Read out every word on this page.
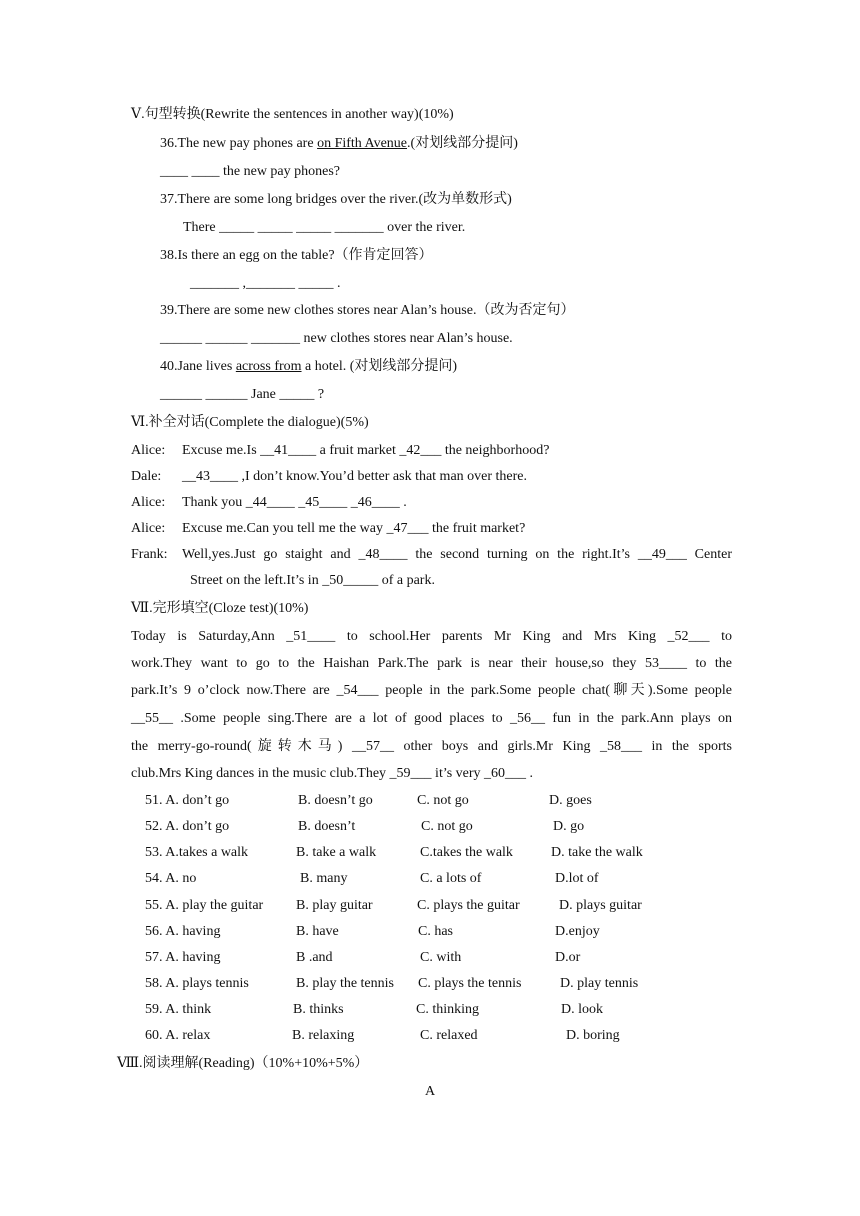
Ⅴ.句型转换(Rewrite the sentences in another way)(10%)
36.The new pay phones are on Fifth Avenue.(对划线部分提问)
____ ____ the new pay phones?
37.There are some long bridges over the river.(改为单数形式)
There _____ _____ _____ _______ over the river.
38.Is there an egg on the table?（作肯定回答）
_______ ,_______ _____ .
39.There are some new clothes stores near Alan’s house.（改为否定句）
______ ______ _______ new clothes stores near Alan’s house.
40.Jane lives across from a hotel. (对划线部分提问)
______ ______ Jane _____ ?
Ⅵ.补全对话(Complete the dialogue)(5%)
Alice: Excuse me.Is __41____ a fruit market _42___ the neighborhood?
Dale: __43____ ,I don’t know.You’d better ask that man over there.
Alice: Thank you _44____ _45____ _46____ .
Alice: Excuse me.Can you tell me the way _47___ the fruit market?
Frank: Well,yes.Just go staight and _48____ the second turning on the right.It’s __49___ Center
Street on the left.It’s in _50_____ of a park.
Ⅶ.完形填空(Cloze test)(10%)
Today is Saturday,Ann _51____ to school.Her parents Mr King and Mrs King _52___ to
work.They want to go to the Haishan Park.The park is near their house,so they 53____ to the
park.It’s 9 o’clock now.There are _54___ people in the park.Some people chat(聊天).Some people
__55__ .Some people sing.There are a lot of good places to _56__ fun in the park.Ann plays on
the merry-go-round(旋转木马) __57__ other boys and girls.Mr King _58___ in the sports
club.Mrs King dances in the music club.They _59___ it’s very _60___ .
51. A. don’t go	B. doesn’t go	C. not go	D. goes
52. A. don’t go	B. doesn’t	C. not go	D. go
53. A.takes a walk	B. take a walk	C.takes the walk	D. take the walk
54. A. no	B. many	C. a lots of	D.lot of
55. A. play the guitar B. play guitar	C. plays the guitar	D. plays guitar
56. A. having	B. have	C. has	D.enjoy
57. A. having	B .and	C. with	D.or
58. A. plays tennis	B. play the tennis C. plays the tennis	D. play tennis
59. A. think	B. thinks	C. thinking	D. look
60. A. relax	B. relaxing	C. relaxed	D. boring
Ⅷ.阅读理解(Reading)（10%+10%+5%）
A
